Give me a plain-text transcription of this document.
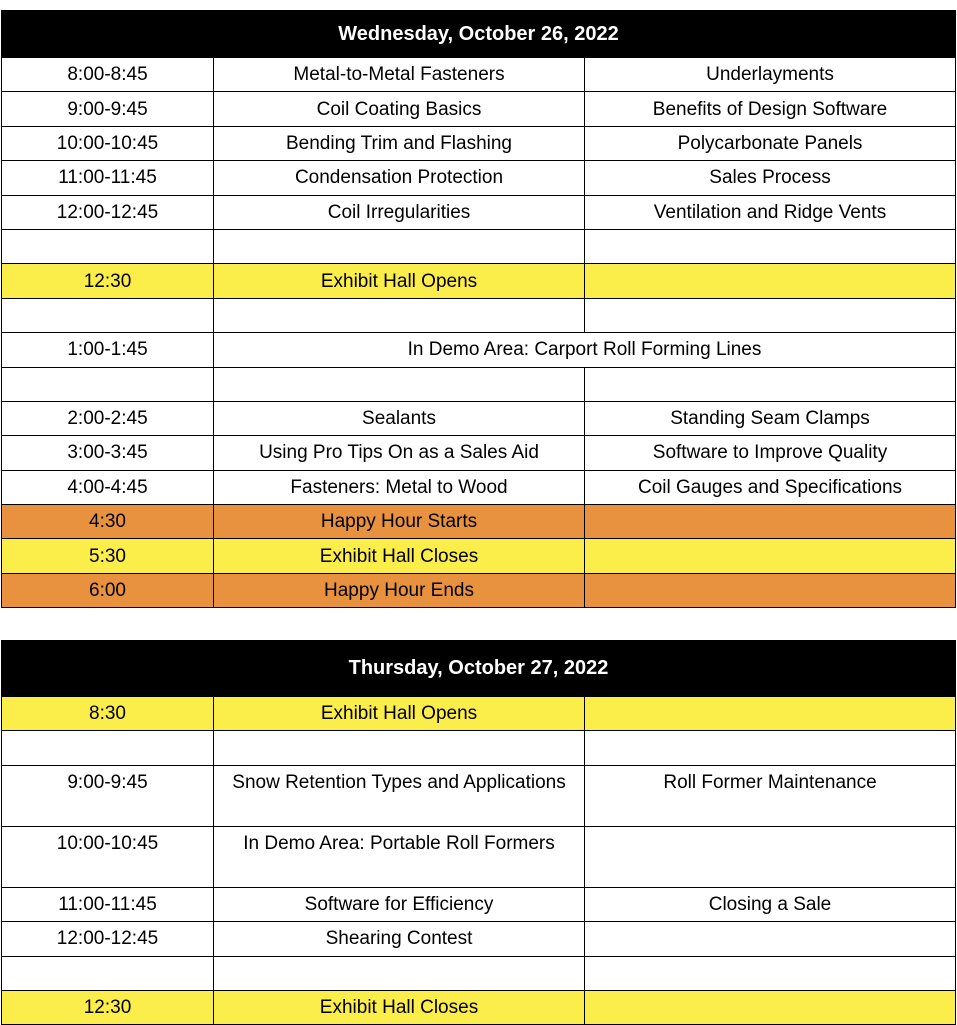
Wednesday, October 26, 2022		
8:00-8:45	Metal-to-Metal Fasteners	Underlayments
9:00-9:45	Coil Coating Basics	Benefits of Design Software
10:00-10:45	Bending Trim and Flashing	Polycarbonate Panels
11:00-11:45	Condensation Protection	Sales Process
12:00-12:45	Coil Irregularities	Ventilation and Ridge Vents

12:30	Exhibit Hall Opens	

1:00-1:45	In Demo Area: Carport Roll Forming Lines	

2:00-2:45	Sealants	Standing Seam Clamps
3:00-3:45	Using Pro Tips On as a Sales Aid	Software to Improve Quality
4:00-4:45	Fasteners: Metal to Wood	Coil Gauges and Specifications
4:30	Happy Hour Starts	
5:30	Exhibit Hall Closes	
6:00	Happy Hour Ends	
Thursday, October 27, 2022		
8:30	Exhibit Hall Opens	

9:00-9:45	Snow Retention Types and Applications	Roll Former Maintenance
10:00-10:45	In Demo Area: Portable Roll Formers	
11:00-11:45	Software for Efficiency	Closing a Sale
12:00-12:45	Shearing Contest	

12:30	Exhibit Hall Closes	
